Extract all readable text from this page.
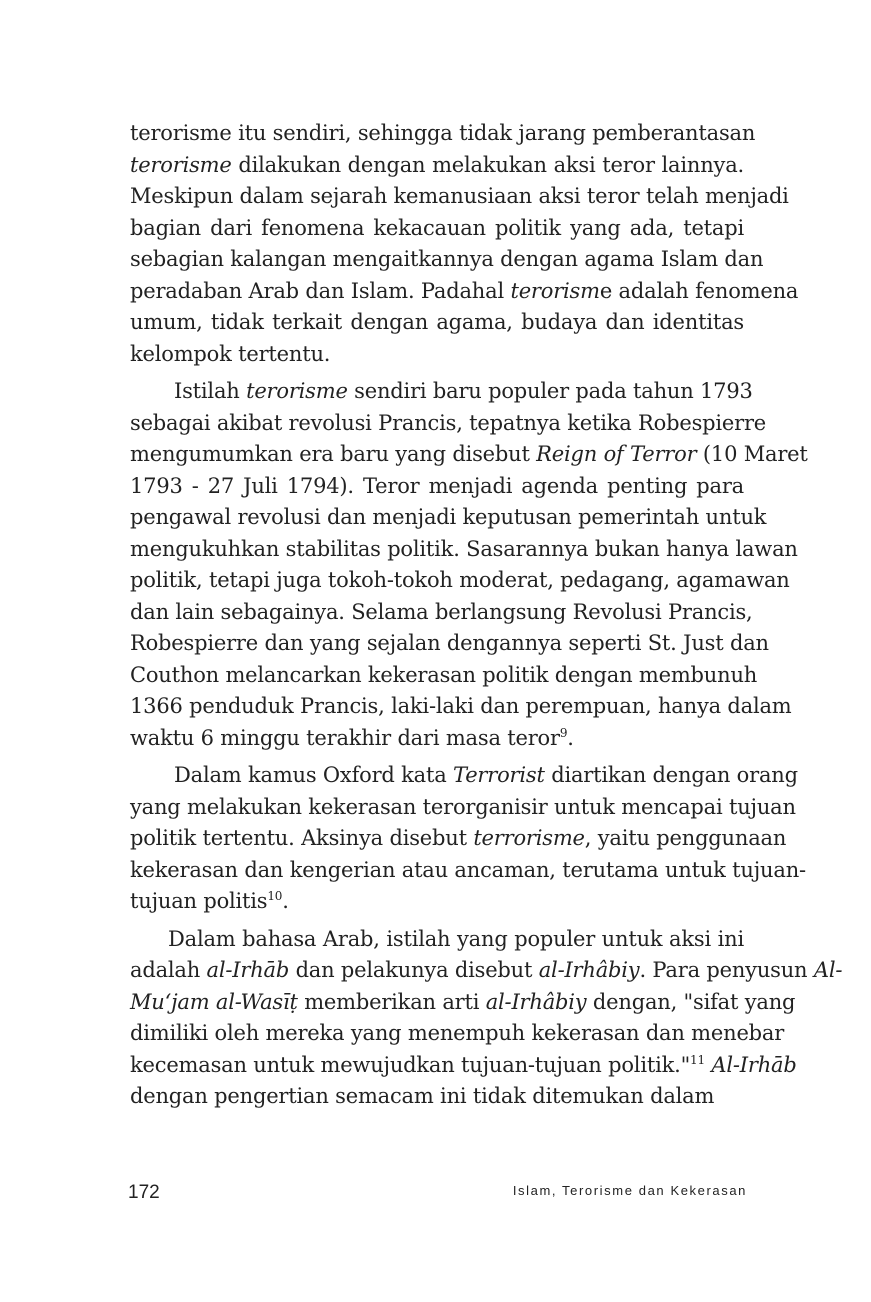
terorisme itu sendiri, sehingga tidak jarang pemberantasan
terorisme dilakukan dengan melakukan aksi teror lainnya.
Meskipun dalam sejarah kemanusiaan aksi teror telah menjadi
bagian dari fenomena kekacauan politik yang ada, tetapi
sebagian kalangan mengaitkannya dengan agama Islam dan
peradaban Arab dan Islam. Padahal terorisme adalah fenomena
umum, tidak terkait dengan agama, budaya dan identitas
kelompok tertentu.

Istilah terorisme sendiri baru populer pada tahun 1793
sebagai akibat revolusi Prancis, tepatnya ketika Robespierre
mengumumkan era baru yang disebut Reign of Terror (10 Maret
1793 - 27 Juli 1794). Teror menjadi agenda penting para
pengawal revolusi dan menjadi keputusan pemerintah untuk
mengukuhkan stabilitas politik. Sasarannya bukan hanya lawan
politik, tetapi juga tokoh-tokoh moderat, pedagang, agamawan
dan lain sebagainya. Selama berlangsung Revolusi Prancis,
Robespierre dan yang sejalan dengannya seperti St. Just dan
Couthon melancarkan kekerasan politik dengan membunuh
1366 penduduk Prancis, laki-laki dan perempuan, hanya dalam
waktu 6 minggu terakhir dari masa teror$^9$.

Dalam kamus Oxford kata Terrorist diartikan dengan orang
yang melakukan kekerasan terorganisir untuk mencapai tujuan
politik tertentu. Aksinya disebut terrorisme, yaitu penggunaan
kekerasan dan kengerian atau ancaman, terutama untuk tujuan-
tujuan politis$^{10}$.

Dalam bahasa Arab, istilah yang populer untuk aksi ini
adalah al-Irhāb dan pelakunya disebut al-Irhâbiy. Para penyusun Al-
Mu‘jam al-Wasīṭ memberikan arti al-Irhâbiy dengan, "sifat yang
dimiliki oleh mereka yang menempuh kekerasan dan menebar
kecemasan untuk mewujudkan tujuan-tujuan politik."$^{11}$ Al-Irhāb
dengan pengertian semacam ini tidak ditemukan dalam

172	Islam, Terorisme dan Kekerasan
